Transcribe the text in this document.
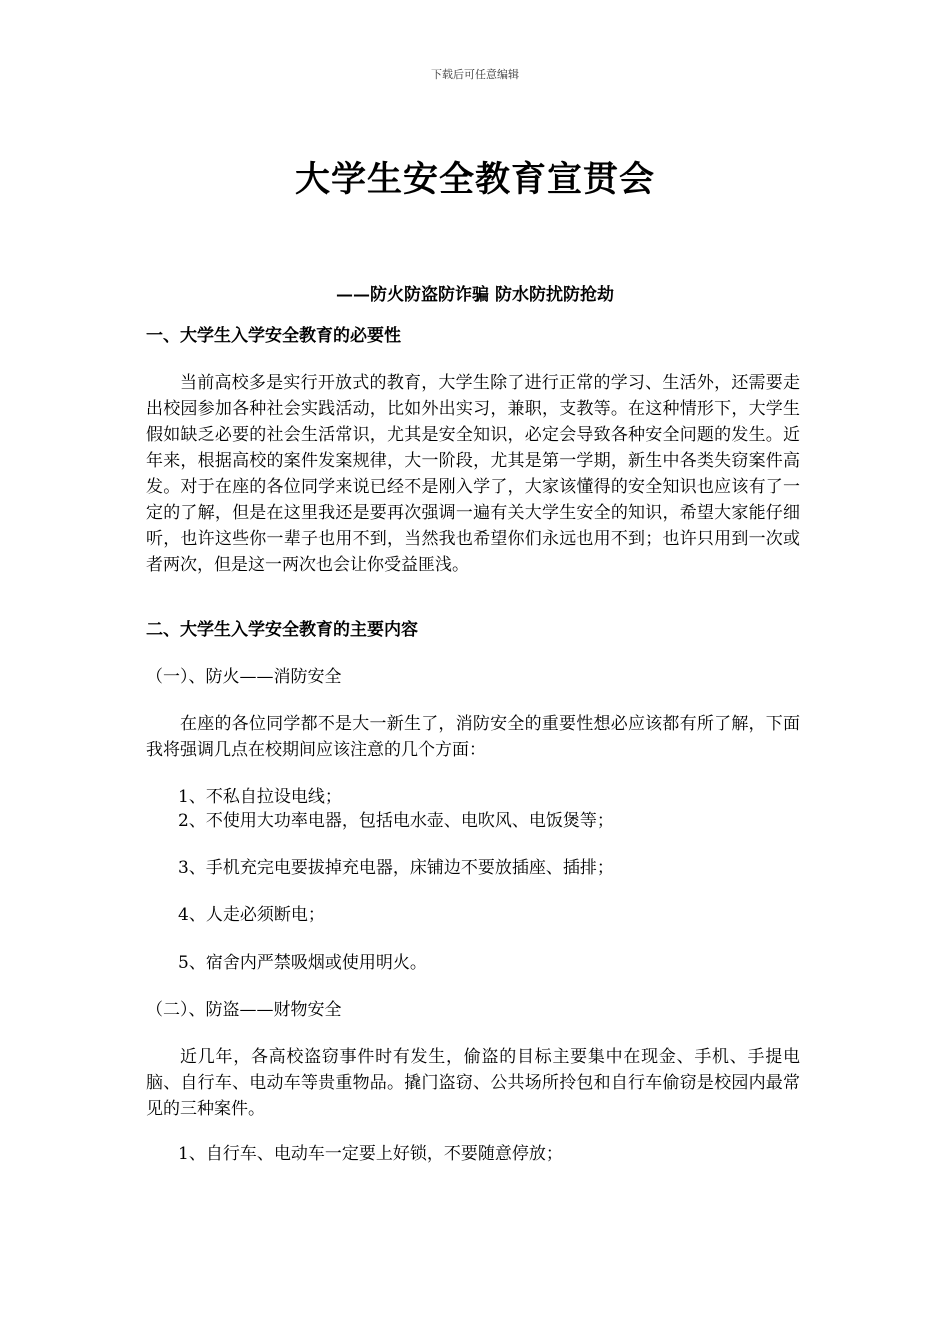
下载后可任意编辑
大学生安全教育宣贯会
——防火防盗防诈骗 防水防扰防抢劫
一、大学生入学安全教育的必要性
当前高校多是实行开放式的教育，大学生除了进行正常的学习、生活外，还需要走出校园参加各种社会实践活动，比如外出实习，兼职，支教等。在这种情形下，大学生假如缺乏必要的社会生活常识，尤其是安全知识，必定会导致各种安全问题的发生。近年来，根据高校的案件发案规律，大一阶段，尤其是第一学期，新生中各类失窃案件高发。对于在座的各位同学来说已经不是刚入学了，大家该懂得的安全知识也应该有了一定的了解，但是在这里我还是要再次强调一遍有关大学生安全的知识，希望大家能仔细听，也许这些你一辈子也用不到，当然我也希望你们永远也用不到；也许只用到一次或者两次，但是这一两次也会让你受益匪浅。
二、大学生入学安全教育的主要内容
（一）、防火——消防安全
在座的各位同学都不是大一新生了，消防安全的重要性想必应该都有所了解，下面我将强调几点在校期间应该注意的几个方面：
1、不私自拉设电线；
2、不使用大功率电器，包括电水壶、电吹风、电饭煲等；
3、手机充完电要拔掉充电器，床铺边不要放插座、插排；
4、人走必须断电；
5、宿舍内严禁吸烟或使用明火。
（二）、防盗——财物安全
近几年，各高校盗窃事件时有发生，偷盗的目标主要集中在现金、手机、手提电脑、自行车、电动车等贵重物品。撬门盗窃、公共场所拎包和自行车偷窃是校园内最常见的三种案件。
1、自行车、电动车一定要上好锁，不要随意停放；
